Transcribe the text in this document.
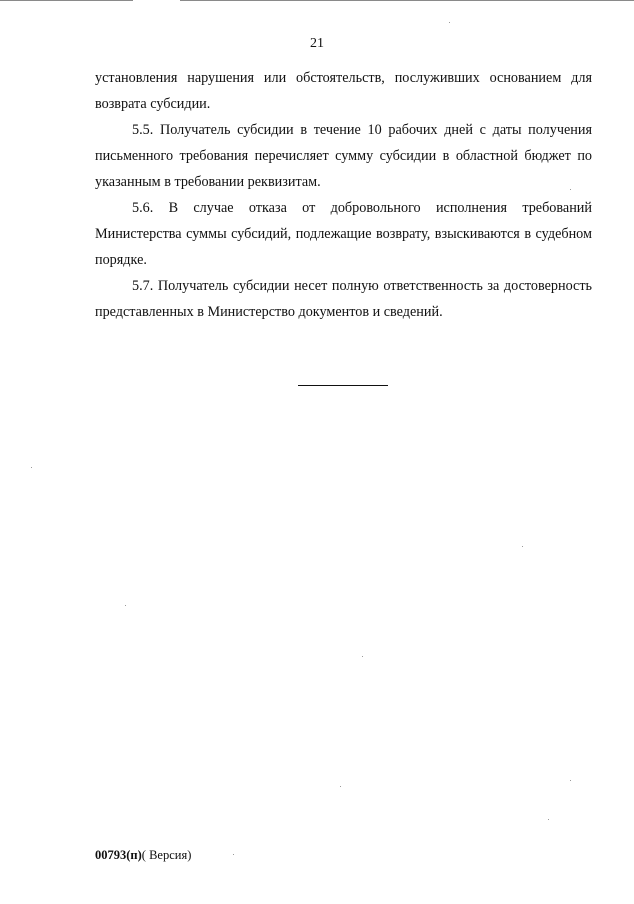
21

установления нарушения или обстоятельств, послуживших основанием для возврата субсидии.

5.5. Получатель субсидии в течение 10 рабочих дней с даты получения письменного требования перечисляет сумму субсидии в областной бюджет по указанным в требовании реквизитам.

5.6. В случае отказа от добровольного исполнения требований Министерства суммы субсидий, подлежащие возврату, взыскиваются в судебном порядке.

5.7. Получатель субсидии несет полную ответственность за достоверность представленных в Министерство документов и сведений.

00793(п)( Версия)
